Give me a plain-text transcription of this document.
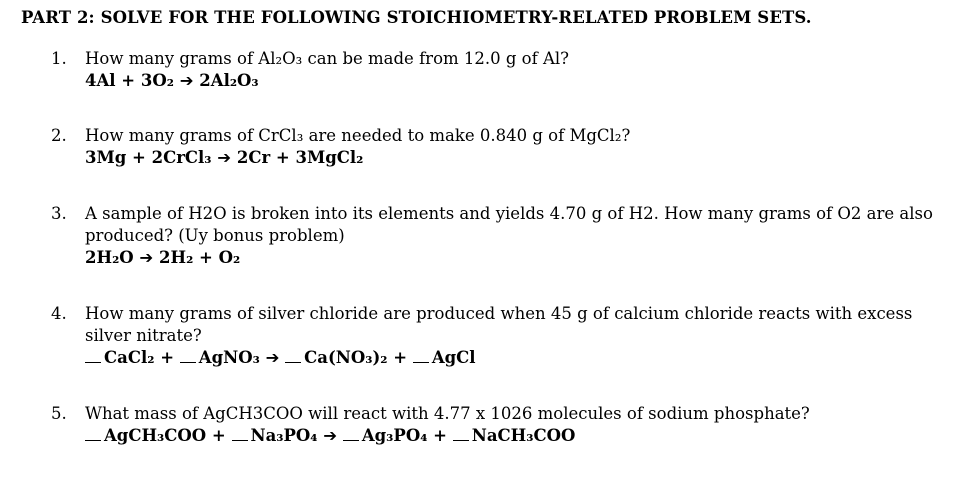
PART 2: SOLVE FOR THE FOLLOWING STOICHIOMETRY-RELATED PROBLEM SETS.
1. How many grams of Al₂O₃ can be made from 12.0 g of Al?
4Al + 3O₂ ➔ 2Al₂O₃
2. How many grams of CrCl₃ are needed to make 0.840 g of MgCl₂?
3Mg + 2CrCl₃ ➔ 2Cr + 3MgCl₂
3. A sample of H2O is broken into its elements and yields 4.70 g of H2. How many grams of O2 are also
produced? (Uy bonus problem)
2H₂O ➔ 2H₂ + O₂
4. How many grams of silver chloride are produced when 45 g of calcium chloride reacts with excess
silver nitrate?
CaCl₂ + AgNO₃ ➔ Ca(NO₃)₂ + AgCl
5. What mass of AgCH3COO will react with 4.77 x 1026 molecules of sodium phosphate?
AgCH₃COO + Na₃PO₄ ➔ Ag₃PO₄ + NaCH₃COO
